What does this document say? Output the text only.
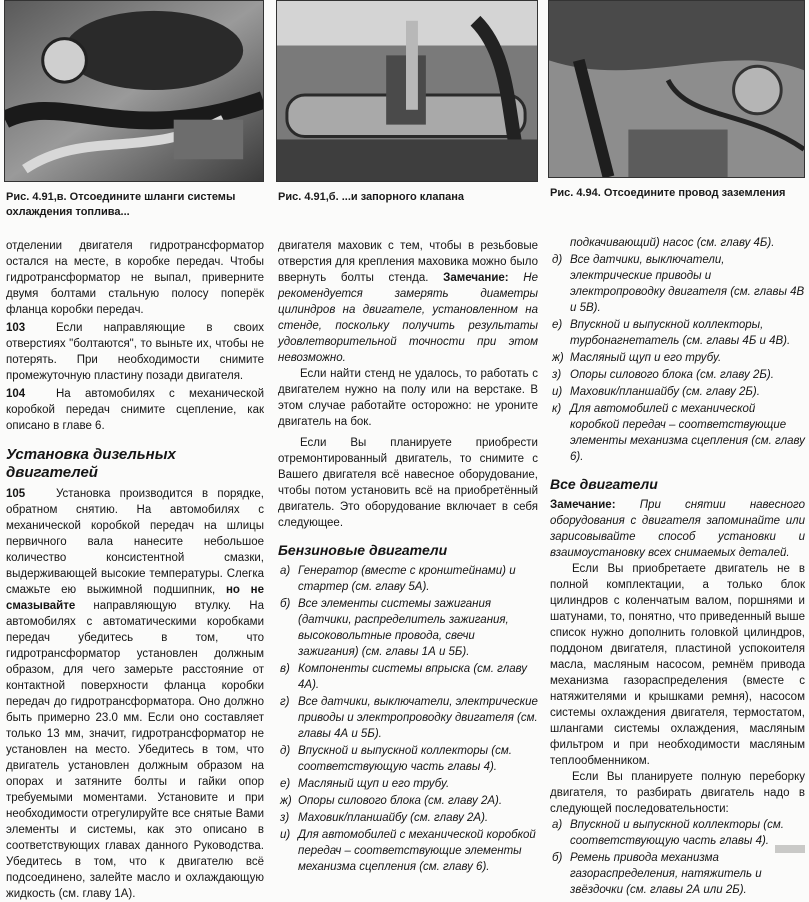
Рис. 4.91,в. Отсоедините шланги системы охлаждения топлива...

отделении двигателя гидротрансформатор остался на месте, в коробке передач. Чтобы гидротрансформатор не выпал, приверните двумя болтами стальную полосу поперёк фланца коробки передач.

103	Если направляющие в своих отверстиях "болтаются", то выньте их, чтобы не потерять. При необходимости снимите промежуточную пластину позади двигателя.

104	На автомобилях с механической коробкой передач снимите сцепление, как описано в главе 6.

Установка дизельных двигателей

105	Установка производится в порядке, обратном снятию. На автомобилях с механической коробкой передач на шлицы первичного вала нанесите небольшое количество консистентной смазки, выдерживающей высокие температуры. Слегка смажьте ею выжимной подшипник, но не смазывайте направляющую втулку. На автомобилях с автоматическими коробками передач убедитесь в том, что гидротрансформатор установлен должным образом, для чего замерьте расстояние от контактной поверхности фланца коробки передач до гидротрансформатора. Оно должно быть примерно 23.0 мм. Если оно составляет только 13 мм, значит, гидротрансформатор не установлен на место. Убедитесь в том, что двигатель установлен должным образом на опорах и затяните болты и гайки опор требуемыми моментами. Установите и при необходимости отрегулируйте все снятые Вами элементы и системы, как это описано в соответствующих главах данного Руководства. Убедитесь в том, что к двигателю всё подсоединено, залейте масло и охлаждающую жидкость (см. главу 1А).

Рис. 4.91,б. ...и запорного клапана

двигателя маховик с тем, чтобы в резьбовые отверстия для крепления маховика можно было ввернуть болты стенда. Замечание: Не рекомендуется замерять диаметры цилиндров на двигателе, установленном на стенде, поскольку получить результаты удовлетворительной точности при этом невозможно.

Если найти стенд не удалось, то работать с двигателем нужно на полу или на верстаке. В этом случае работайте осторожно: не уроните двигатель на бок.

Если Вы планируете приобрести отремонтированный двигатель, то снимите с Вашего двигателя всё навесное оборудование, чтобы потом установить всё на приобретённый двигатель. Это оборудование включает в себя следующее.

Бензиновые двигатели
а) Генератор (вместе с кронштейнами) и стартер (см. главу 5А).
б) Все элементы системы зажигания (датчики, распределитель зажигания, высоковольтные провода, свечи зажигания) (см. главы 1А и 5Б).
в) Компоненты системы впрыска (см. главу 4А).
г) Все датчики, выключатели, электрические приводы и электропроводку двигателя (см. главы 4А и 5Б).
д) Впускной и выпускной коллекторы (см. соответствующую часть главы 4).
е) Масляный щуп и его трубу.
ж) Опоры силового блока (см. главу 2А).
з) Маховик/планшайбу (см. главу 2А).
и) Для автомобилей с механической коробкой передач – соответствующие элементы механизма сцепления (см. главу 6).
Рис. 4.94. Отсоедините провод заземления
подкачивающий) насос (см. главу 4Б).
д) Все датчики, выключатели, электрические приводы и электропроводку двигателя (см. главы 4В и 5В).
е) Впускной и выпускной коллекторы, турбонагнетатель (см. главы 4Б и 4В).
ж) Масляный щуп и его трубу.
з) Опоры силового блока (см. главу 2Б).
и) Маховик/планшайбу (см. главу 2Б).
к) Для автомобилей с механической коробкой передач – соответствующие элементы механизма сцепления (см. главу 6).
Все двигатели

Замечание: При снятии навесного оборудования с двигателя запоминайте или зарисовывайте способ установки и взаимоустановку всех снимаемых деталей.

Если Вы приобретаете двигатель не в полной комплектации, а только блок цилиндров с коленчатым валом, поршнями и шатунами, то, понятно, что приведенный выше список нужно дополнить головкой цилиндров, поддоном двигателя, пластиной успокоителя масла, масляным насосом, ремнём привода механизма газораспределения (вместе с натяжителями и крышками ремня), насосом системы охлаждения двигателя, термостатом, шлангами системы охлаждения, масляным фильтром и при необходимости масляным теплообменником.

Если Вы планируете полную переборку двигателя, то разбирать двигатель надо в следующей последовательности:

а) Впускной и выпускной коллекторы (см. соответствующую часть главы 4).
б) Ремень привода механизма газораспределения, натяжитель и звёздочки (см. главы 2А или 2Б).
